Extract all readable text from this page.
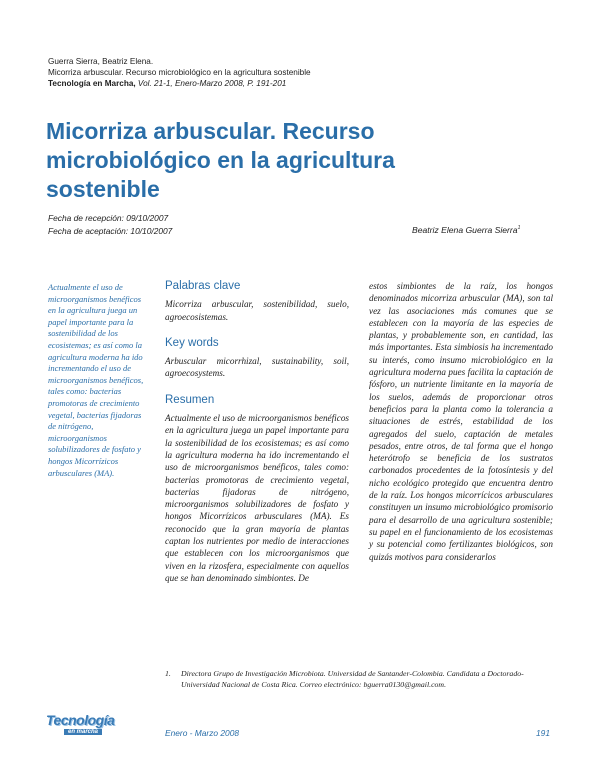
Guerra Sierra, Beatriz Elena.
Micorriza arbuscular. Recurso microbiológico en la agricultura sostenible
Tecnología en Marcha, Vol. 21-1, Enero-Marzo 2008, P. 191-201
Micorriza arbuscular. Recurso microbiológico en la agricultura sostenible
Fecha de recepción: 09/10/2007
Fecha de aceptación: 10/10/2007	Beatriz Elena Guerra Sierra$^1$
Actualmente el uso de microorganismos benéficos en la agricultura juega un papel importante para la sostenibilidad de los ecosistemas; es así como la agricultura moderna ha ido incrementando el uso de microorganismos benéficos, tales como: bacterias promotoras de crecimiento vegetal, bacterias fijadoras de nitrógeno, microorganismos solubilizadores de fosfato y hongos Micorrízicos arbusculares (MA).
Palabras clave

Micorriza arbuscular, sostenibilidad, suelo, agroecosistemas.

Key words

Arbuscular micorrhizal, sustainability, soil, agroecosystems.

Resumen

Actualmente el uso de microorganismos benéficos en la agricultura juega un papel importante para la sostenibilidad de los ecosistemas; es así como la agricultura moderna ha ido incrementando el uso de microorganismos benéficos, tales como: bacterias promotoras de crecimiento vegetal, bacterias fijadoras de nitrógeno, microorganismos solubilizadores de fosfato y hongos Micorrízicos arbusculares (MA). Es reconocido que la gran mayoría de plantas captan los nutrientes por medio de interacciones que establecen con los microorganismos que viven en la rizosfera, especialmente con aquellos que se han denominado simbiontes. De

estos simbiontes de la raíz, los hongos denominados micorriza arbuscular (MA), son tal vez las asociaciones más comunes que se establecen con la mayoría de las especies de plantas, y probablemente son, en cantidad, las más importantes. Esta simbiosis ha incrementado su interés, como insumo microbiológico en la agricultura moderna pues facilita la captación de fósforo, un nutriente limitante en la mayoría de los suelos, además de proporcionar otros beneficios para la planta como la tolerancia a situaciones de estrés, estabilidad de los agregados del suelo, captación de metales pesados, entre otros, de tal forma que el hongo heterótrofo se beneficia de los sustratos carbonados procedentes de la fotosíntesis y del nicho ecológico protegido que encuentra dentro de la raíz. Los hongos micorrícicos arbusculares constituyen un insumo microbiológico promisorio para el desarrollo de una agricultura sostenible; su papel en el funcionamiento de los ecosistemas y su potencial como fertilizantes biológicos, son quizás motivos para considerarlos

1. Directora Grupo de Investigación Microbiota. Universidad de Santander-Colombia. Candidata a Doctorado-Universidad Nacional de Costa Rica. Correo electrónico: bguerra0130@gmail.com.
Tecnología
en marcha	Enero - Marzo 2008	191
